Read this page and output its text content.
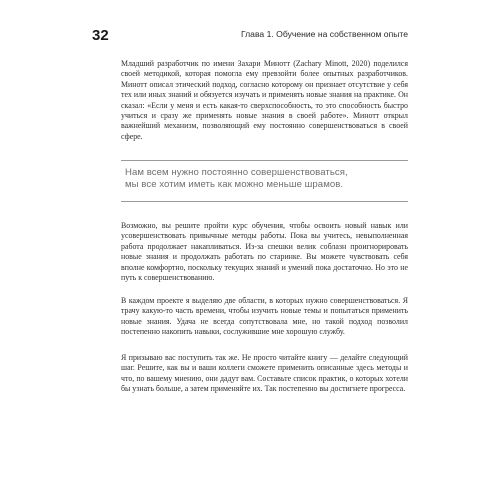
32	Глава 1. Обучение на собственном опыте

Младший разработчик по имени Захари Минотт (Zachary Minott, 2020) поделился своей методикой, которая помогла ему превзойти более опытных разработчиков. Минотт описал этический подход, согласно которому он признает отсутствие у себя тех или иных знаний и обязуется изучать и применять новые знания на практике. Он сказал: «Если у меня и есть какая-то сверхспособность, то это способность быстро учиться и сразу же применять новые знания в своей работе». Минотт открыл важнейший механизм, позволяющий ему постоянно совершенствоваться в своей сфере.

Нам всем нужно постоянно совершенствоваться,
мы все хотим иметь как можно меньше шрамов.

Возможно, вы решите пройти курс обучения, чтобы освоить новый навык или усовершенствовать привычные методы работы. Пока вы учитесь, невыполненная работа продолжает накапливаться. Из-за спешки велик соблазн проигнорировать новые знания и продолжать работать по старинке. Вы можете чувствовать себя вполне комфортно, поскольку текущих знаний и умений пока достаточно. Но это не путь к совершенствованию.

В каждом проекте я выделяю две области, в которых нужно совершенствоваться. Я трачу какую-то часть времени, чтобы изучить новые темы и попытаться применить новые знания. Удача не всегда сопутствовала мне, но такой подход позволил постепенно накопить навыки, сослужившие мне хорошую службу.

Я призываю вас поступить так же. Не просто читайте книгу — делайте следующий шаг. Решите, как вы и ваши коллеги сможете применить описанные здесь методы и что, по вашему мнению, они дадут вам. Составьте список практик, о которых хотели бы узнать больше, а затем применяйте их. Так постепенно вы достигнете прогресса.
